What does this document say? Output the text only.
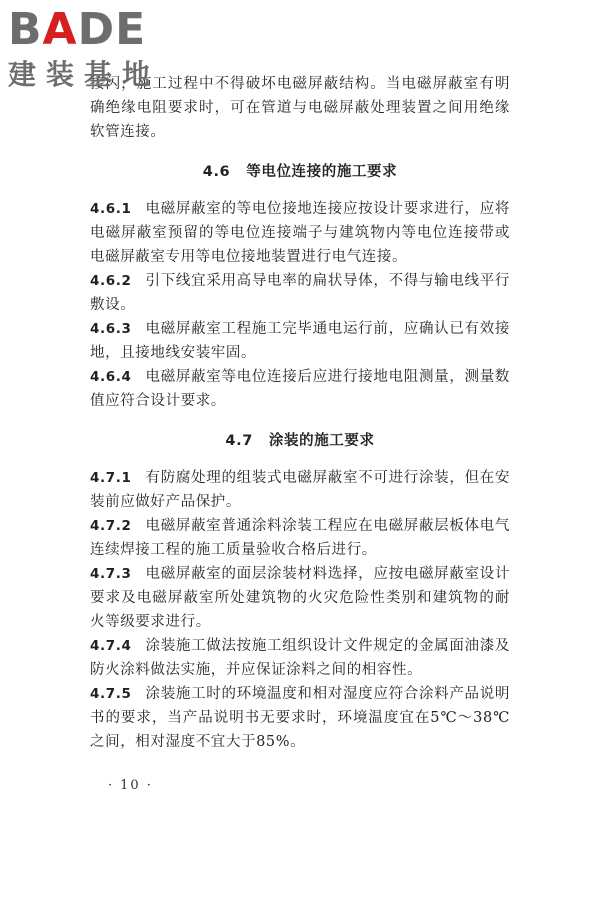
B A DE
建装基地

接闪，施工过程中不得破坏电磁屏蔽结构。当电磁屏蔽室有明确绝缘电阻要求时，可在管道与电磁屏蔽处理装置之间用绝缘软管连接。

4.6 等电位连接的施工要求

4.6.1 电磁屏蔽室的等电位接地连接应按设计要求进行，应将电磁屏蔽室预留的等电位连接端子与建筑物内等电位连接带或电磁屏蔽室专用等电位接地装置进行电气连接。

4.6.2 引下线宜采用高导电率的扁状导体，不得与输电线平行敷设。

4.6.3 电磁屏蔽室工程施工完毕通电运行前，应确认已有效接地，且接地线安装牢固。

4.6.4 电磁屏蔽室等电位连接后应进行接地电阻测量，测量数值应符合设计要求。

4.7 涂装的施工要求

4.7.1 有防腐处理的组装式电磁屏蔽室不可进行涂装，但在安装前应做好产品保护。

4.7.2 电磁屏蔽室普通涂料涂装工程应在电磁屏蔽层板体电气连续焊接工程的施工质量验收合格后进行。

4.7.3 电磁屏蔽室的面层涂装材料选择，应按电磁屏蔽室设计要求及电磁屏蔽室所处建筑物的火灾危险性类别和建筑物的耐火等级要求进行。

4.7.4 涂装施工做法按施工组织设计文件规定的金属面油漆及防火涂料做法实施，并应保证涂料之间的相容性。

4.7.5 涂装施工时的环境温度和相对湿度应符合涂料产品说明书的要求，当产品说明书无要求时，环境温度宜在5℃～38℃之间，相对湿度不宜大于85%。

· 10 ·
